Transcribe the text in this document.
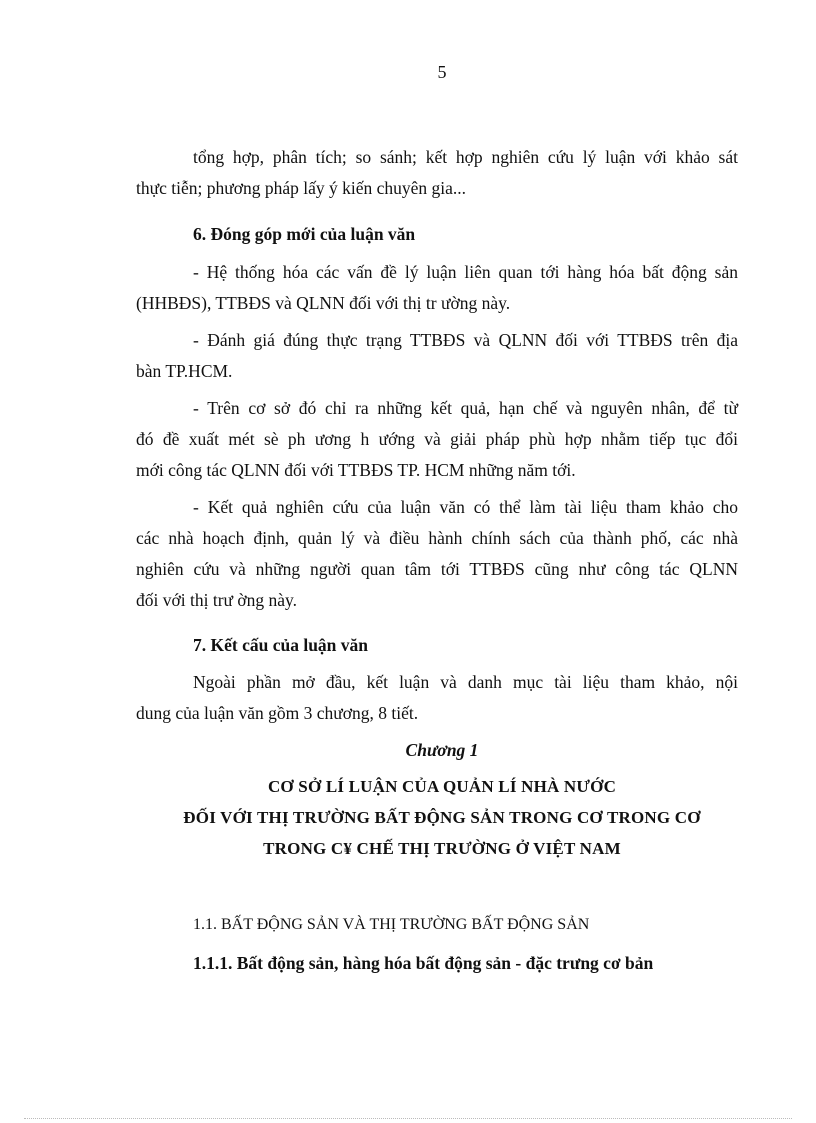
5
tổng hợp, phân tích; so sánh; kết hợp nghiên cứu lý luận với khảo sát
thực tiễn; phương pháp lấy ý kiến chuyên gia...
6. Đóng góp mới của luận văn
- Hệ thống hóa các vấn đề lý luận liên quan tới hàng hóa bất động sản
(HHBĐS), TTBĐS và QLNN đối với thị tr ường này.
- Đánh giá đúng thực trạng TTBĐS và QLNN đối với TTBĐS trên địa
bàn TP.HCM.
- Trên cơ sở đó chỉ ra những kết quả, hạn chế và nguyên nhân, để từ
đó đề xuất mét sè ph ương h ướng và giải pháp phù hợp nhằm tiếp tục đổi
mới công tác QLNN đối với TTBĐS TP. HCM những năm tới.
- Kết quả nghiên cứu của luận văn có thể làm tài liệu tham khảo cho
các nhà hoạch định, quản lý và điều hành chính sách của thành phố, các nhà
nghiên cứu và những người quan tâm tới TTBĐS cũng như công tác QLNN
đối với thị trư ờng này.
7. Kết cấu của luận văn
Ngoài phần mở đầu, kết luận và danh mục tài liệu tham khảo, nội
dung của luận văn gồm 3 chương, 8 tiết.
Chương 1
CƠ SỞ LÍ LUẬN CỦA QUẢN LÍ NHÀ NƯỚC
ĐỐI VỚI THỊ TRƯỜNG BẤT ĐỘNG SẢN TRONG CƠ TRONG CƠ
TRONG C¥ CHẾ THỊ TRƯỜNG Ở VIỆT NAM
1.1. BẤT ĐỘNG SẢN VÀ THỊ TRƯỜNG BẤT ĐỘNG SẢN
1.1.1. Bất động sản, hàng hóa bất động sản - đặc trưng cơ bản
